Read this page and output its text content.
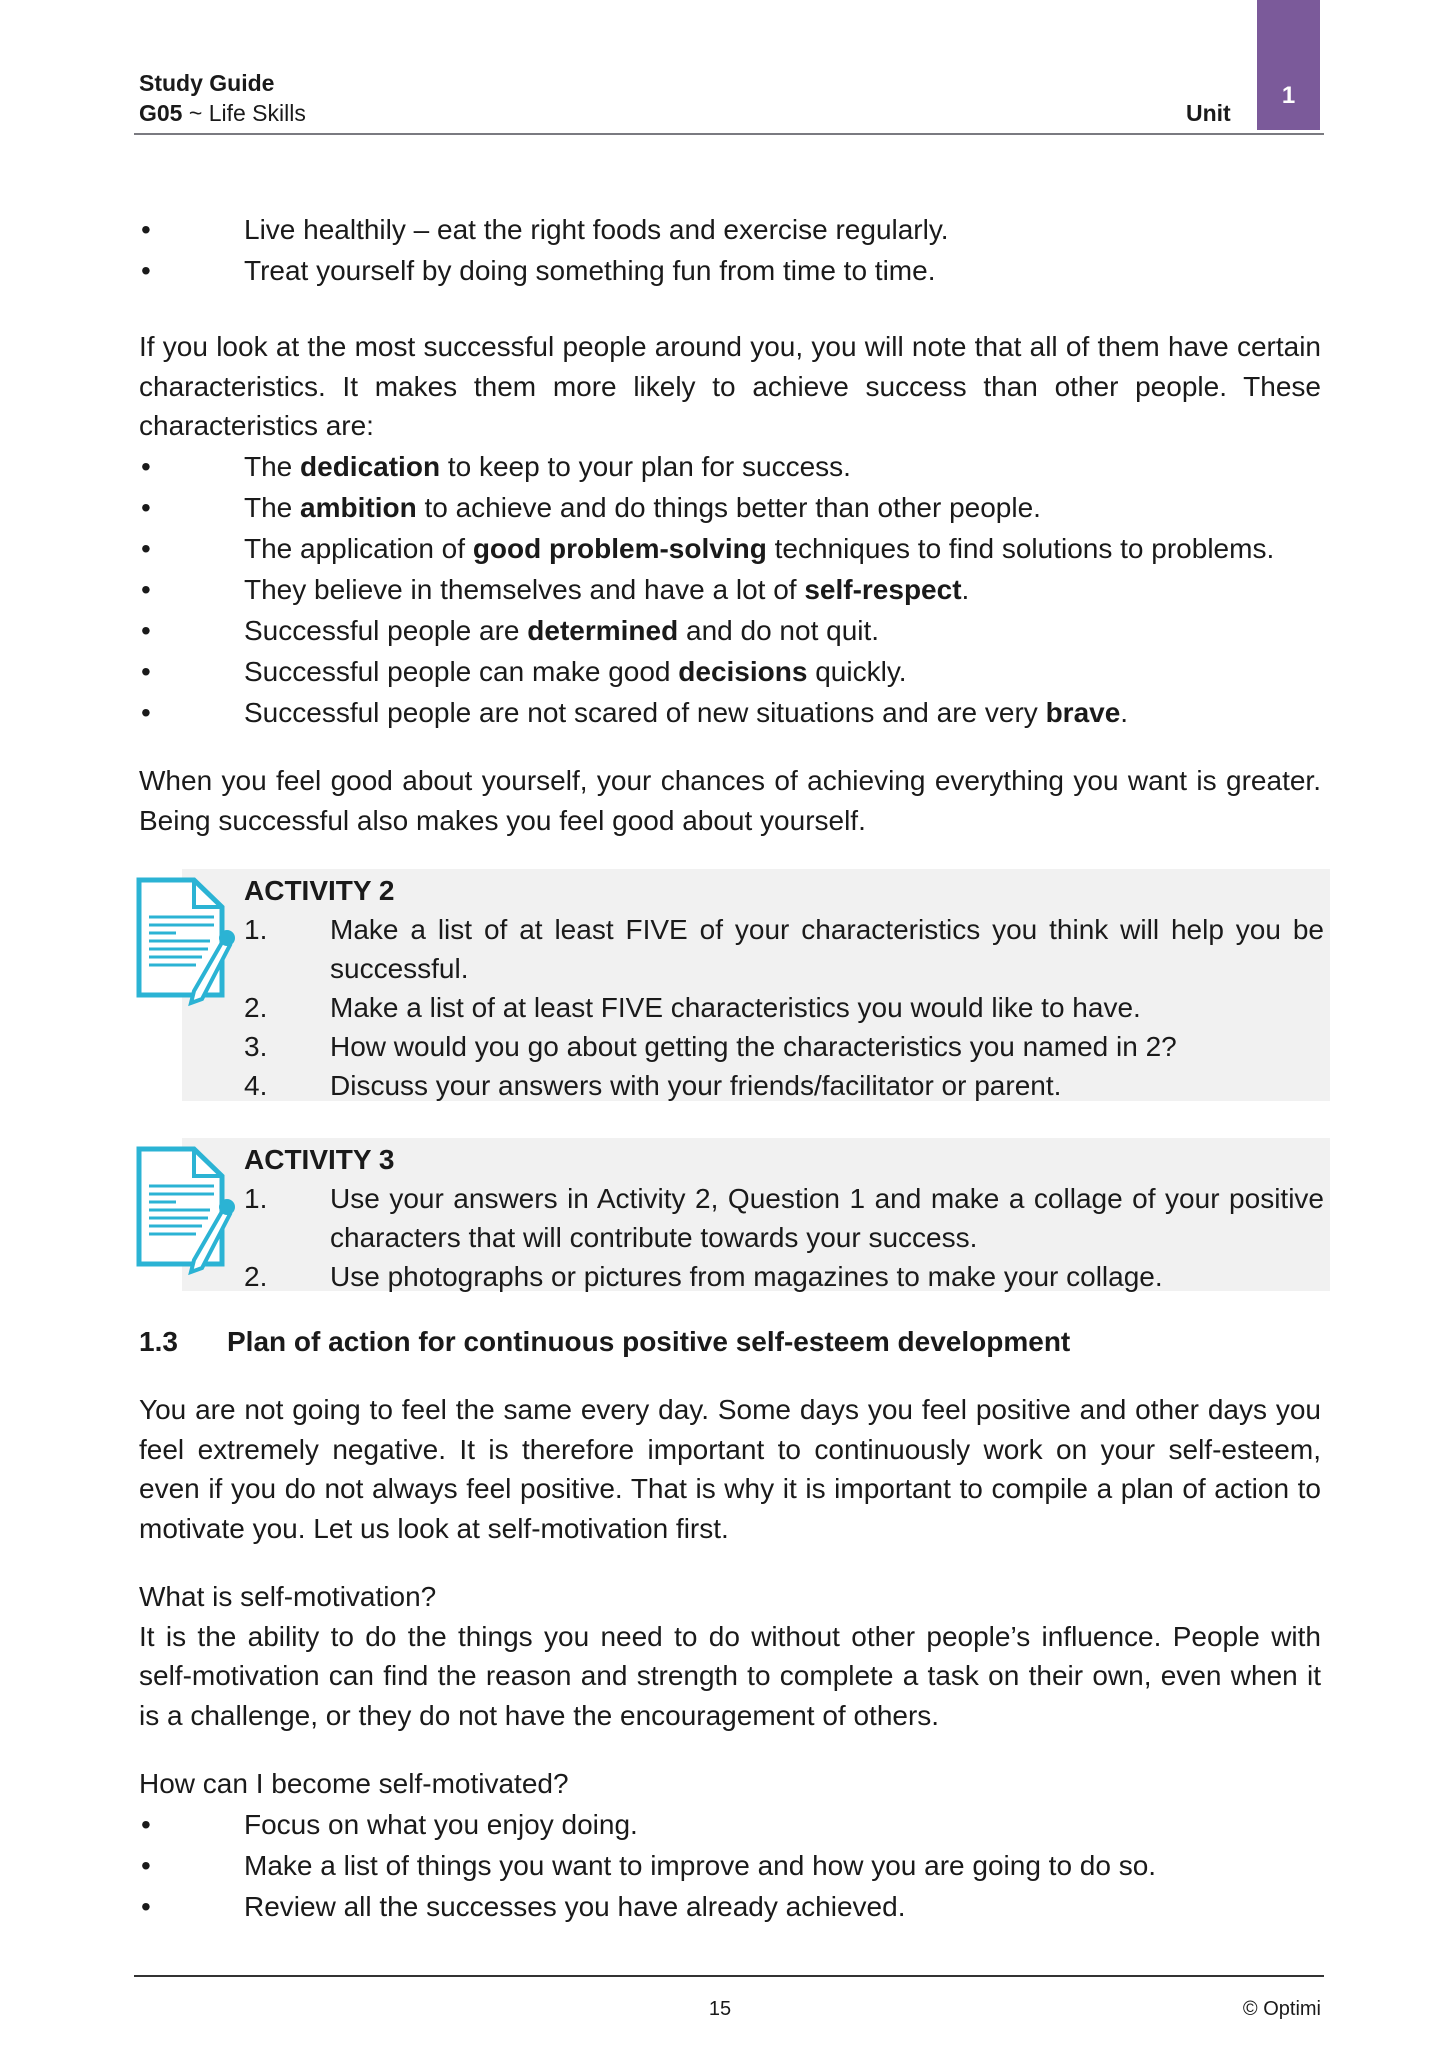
Study Guide
G05 ~ Life Skills	Unit
1
• Live healthily – eat the right foods and exercise regularly.
• Treat yourself by doing something fun from time to time.

If you look at the most successful people around you, you will note that all of them have certain characteristics. It makes them more likely to achieve success than other people. These characteristics are:

• The dedication to keep to your plan for success.
• The ambition to achieve and do things better than other people.
• The application of good problem-solving techniques to find solutions to problems.
• They believe in themselves and have a lot of self-respect.
• Successful people are determined and do not quit.
• Successful people can make good decisions quickly.
• Successful people are not scared of new situations and are very brave.

When you feel good about yourself, your chances of achieving everything you want is greater. Being successful also makes you feel good about yourself.

ACTIVITY 2
1. Make a list of at least FIVE of your characteristics you think will help you be successful.
2. Make a list of at least FIVE characteristics you would like to have.
3. How would you go about getting the characteristics you named in 2?
4. Discuss your answers with your friends/facilitator or parent.
ACTIVITY 3
1. Use your answers in Activity 2, Question 1 and make a collage of your positive characters that will contribute towards your success.
2. Use photographs or pictures from magazines to make your collage.
1.3 Plan of action for continuous positive self-esteem development

You are not going to feel the same every day. Some days you feel positive and other days you feel extremely negative. It is therefore important to continuously work on your self-esteem, even if you do not always feel positive. That is why it is important to compile a plan of action to motivate you. Let us look at self-motivation first.

What is self-motivation?

It is the ability to do the things you need to do without other people’s influence. People with self-motivation can find the reason and strength to complete a task on their own, even when it is a challenge, or they do not have the encouragement of others.

How can I become self-motivated?

• Focus on what you enjoy doing.
• Make a list of things you want to improve and how you are going to do so.
• Review all the successes you have already achieved.
15	© Optimi
